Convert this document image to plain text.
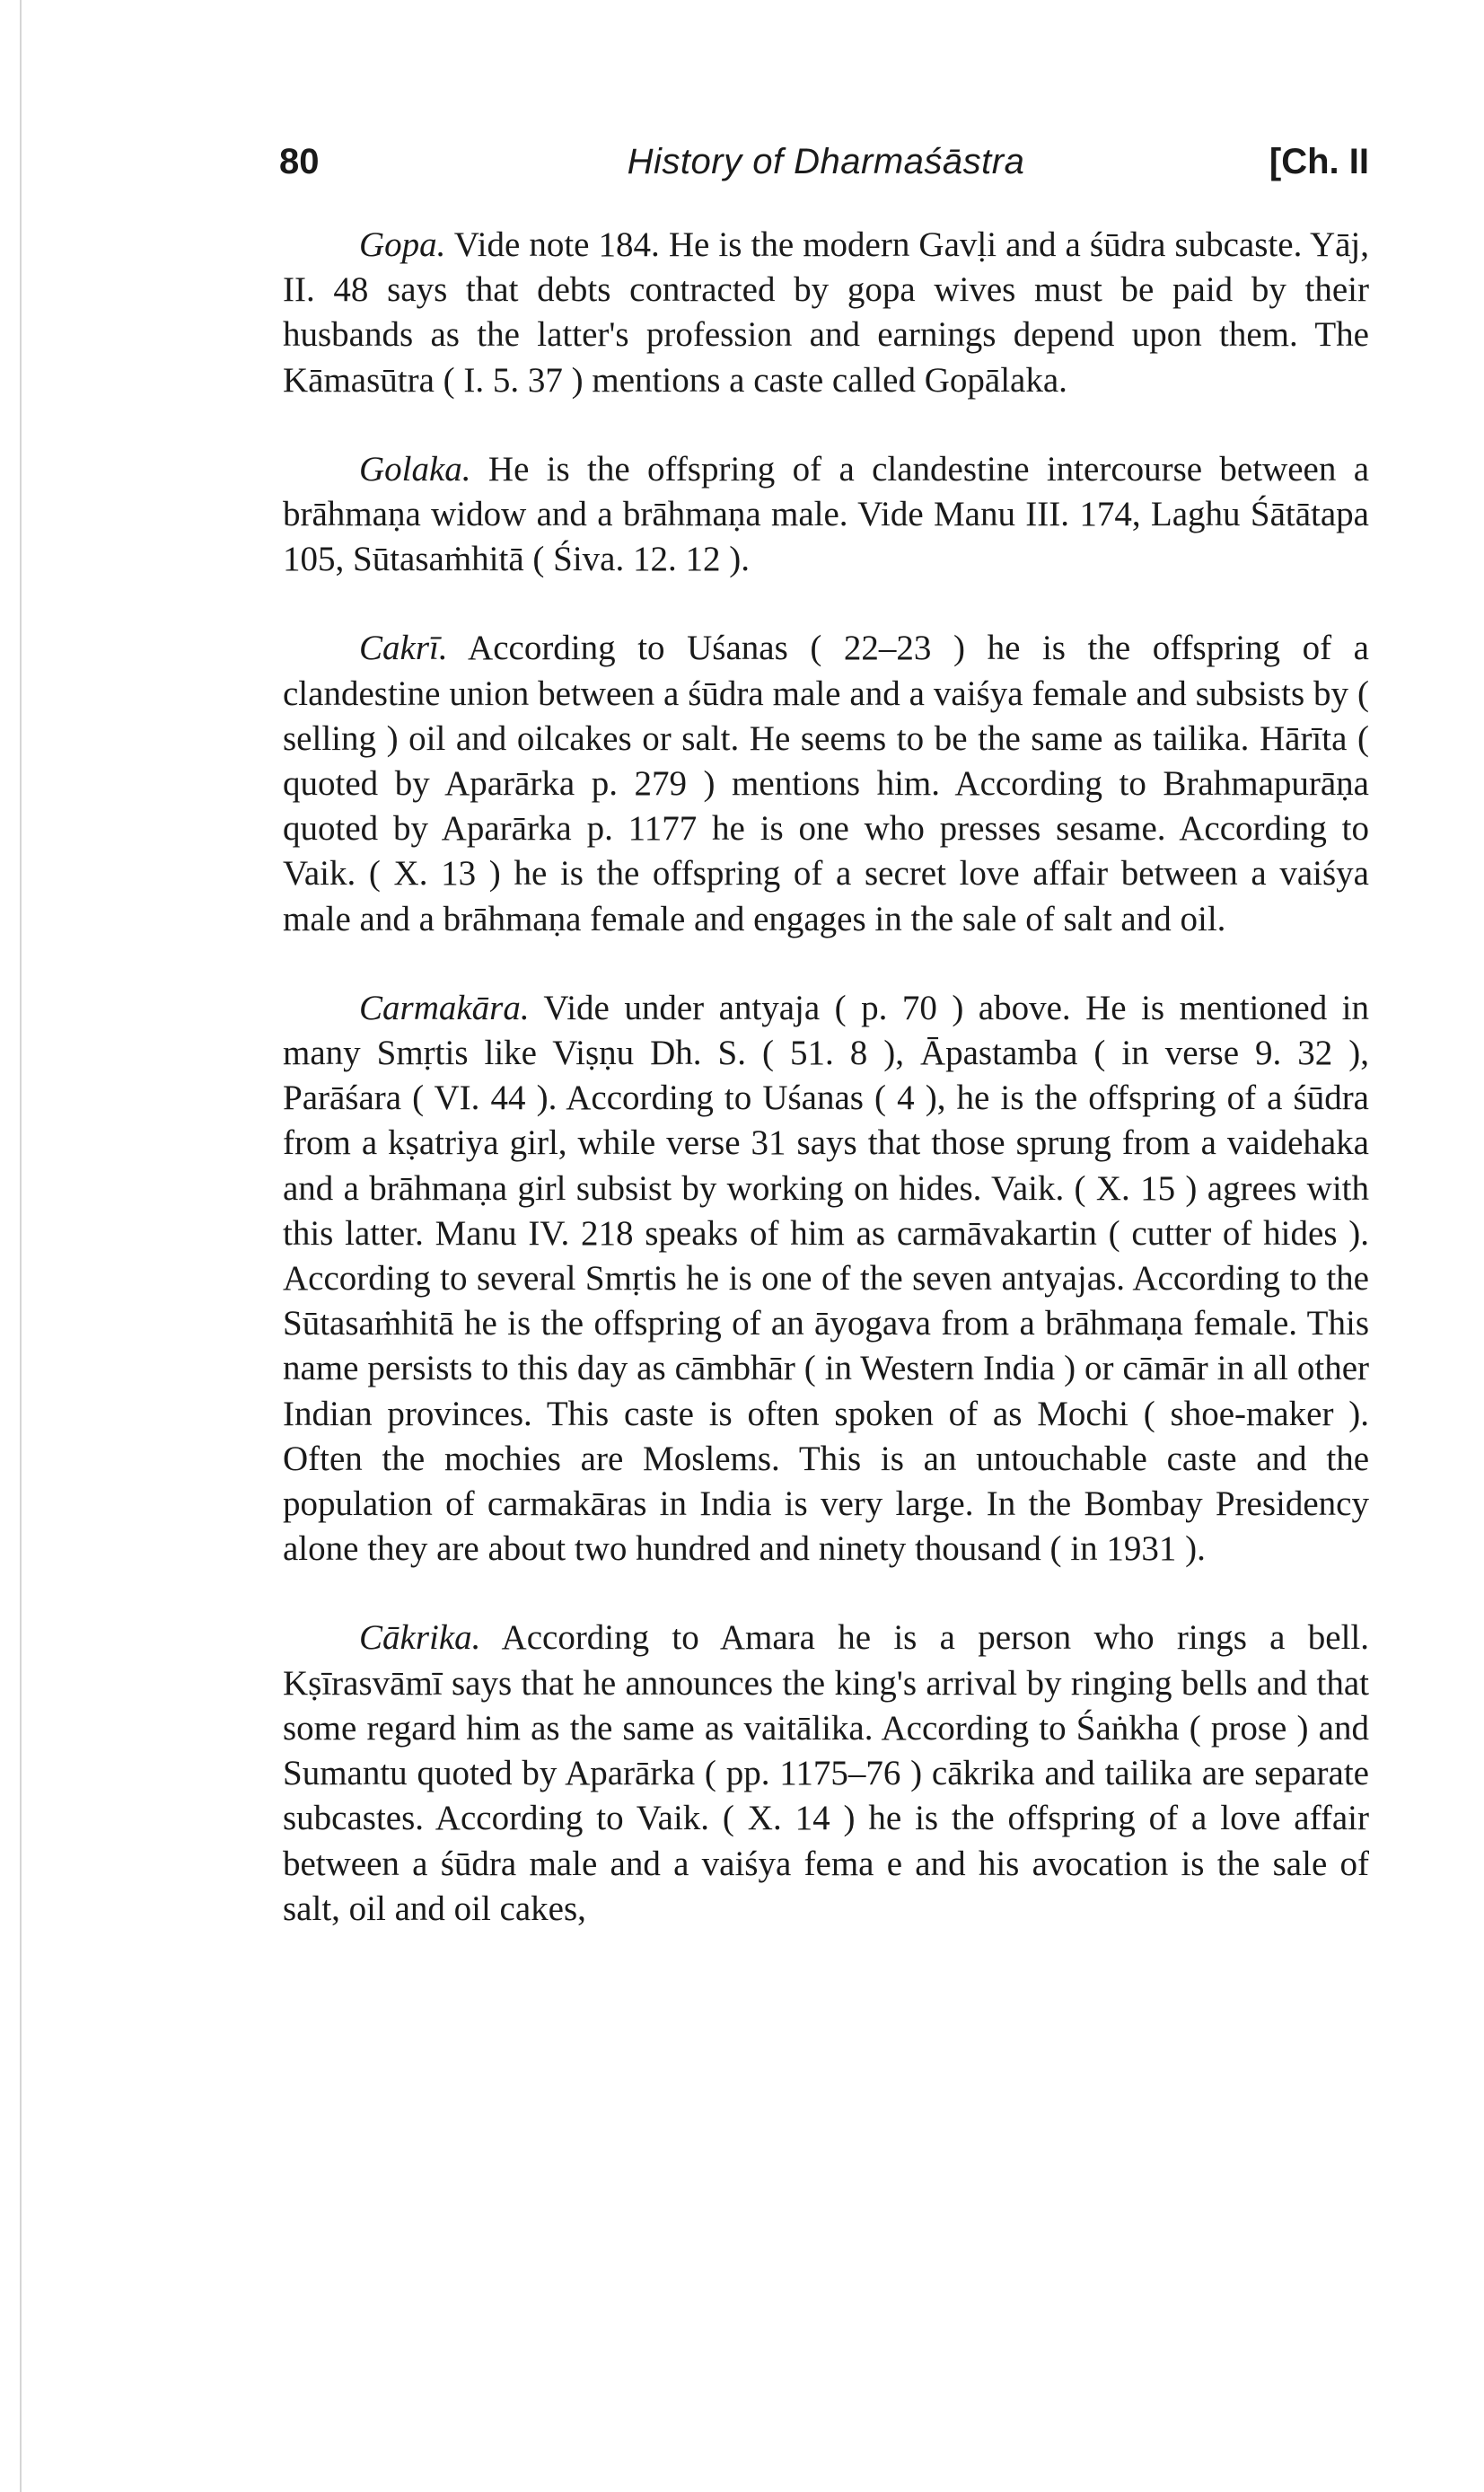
80	History of Dharmaśāstra	[Ch. II

Gopa. Vide note 184. He is the modern Gavḷi and a śūdra subcaste. Yāj, II. 48 says that debts contracted by gopa wives must be paid by their husbands as the latter's profession and earnings depend upon them. The Kāmasūtra ( I. 5. 37 ) mentions a caste called Gopālaka.

Golaka. He is the offspring of a clandestine intercourse between a brāhmaṇa widow and a brāhmaṇa male. Vide Manu III. 174, Laghu Śātātapa 105, Sūtasaṁhitā ( Śiva. 12. 12 ).

Cakrī. According to Uśanas ( 22–23 ) he is the offspring of a clandestine union between a śūdra male and a vaiśya female and subsists by ( selling ) oil and oilcakes or salt. He seems to be the same as tailika. Hārīta ( quoted by Aparārka p. 279 ) mentions him. According to Brahmapurāṇa quoted by Aparārka p. 1177 he is one who presses sesame. According to Vaik. ( X. 13 ) he is the offspring of a secret love affair between a vaiśya male and a brāhmaṇa female and engages in the sale of salt and oil.

Carmakāra. Vide under antyaja ( p. 70 ) above. He is mentioned in many Smṛtis like Viṣṇu Dh. S. ( 51. 8 ), Āpastamba ( in verse 9. 32 ), Parāśara ( VI. 44 ). According to Uśanas ( 4 ), he is the offspring of a śūdra from a kṣatriya girl, while verse 31 says that those sprung from a vaidehaka and a brāhmaṇa girl subsist by working on hides. Vaik. ( X. 15 ) agrees with this latter. Manu IV. 218 speaks of him as carmāvakartin ( cutter of hides ). According to several Smṛtis he is one of the seven antyajas. According to the Sūtasaṁhitā he is the offspring of an āyogava from a brāhmaṇa female. This name persists to this day as cāmbhār ( in Western India ) or cāmār in all other Indian provinces. This caste is often spoken of as Mochi ( shoe-maker ). Often the mochies are Moslems. This is an untouchable caste and the population of carmakāras in India is very large. In the Bombay Presidency alone they are about two hundred and ninety thousand ( in 1931 ).

Cākrika. According to Amara he is a person who rings a bell. Kṣīrasvāmī says that he announces the king's arrival by ringing bells and that some regard him as the same as vaitālika. According to Śaṅkha ( prose ) and Sumantu quoted by Aparārka ( pp. 1175–76 ) cākrika and tailika are separate subcastes. According to Vaik. ( X. 14 ) he is the offspring of a love affair between a śūdra male and a vaiśya fema e and his avocation is the sale of salt, oil and oil cakes,
